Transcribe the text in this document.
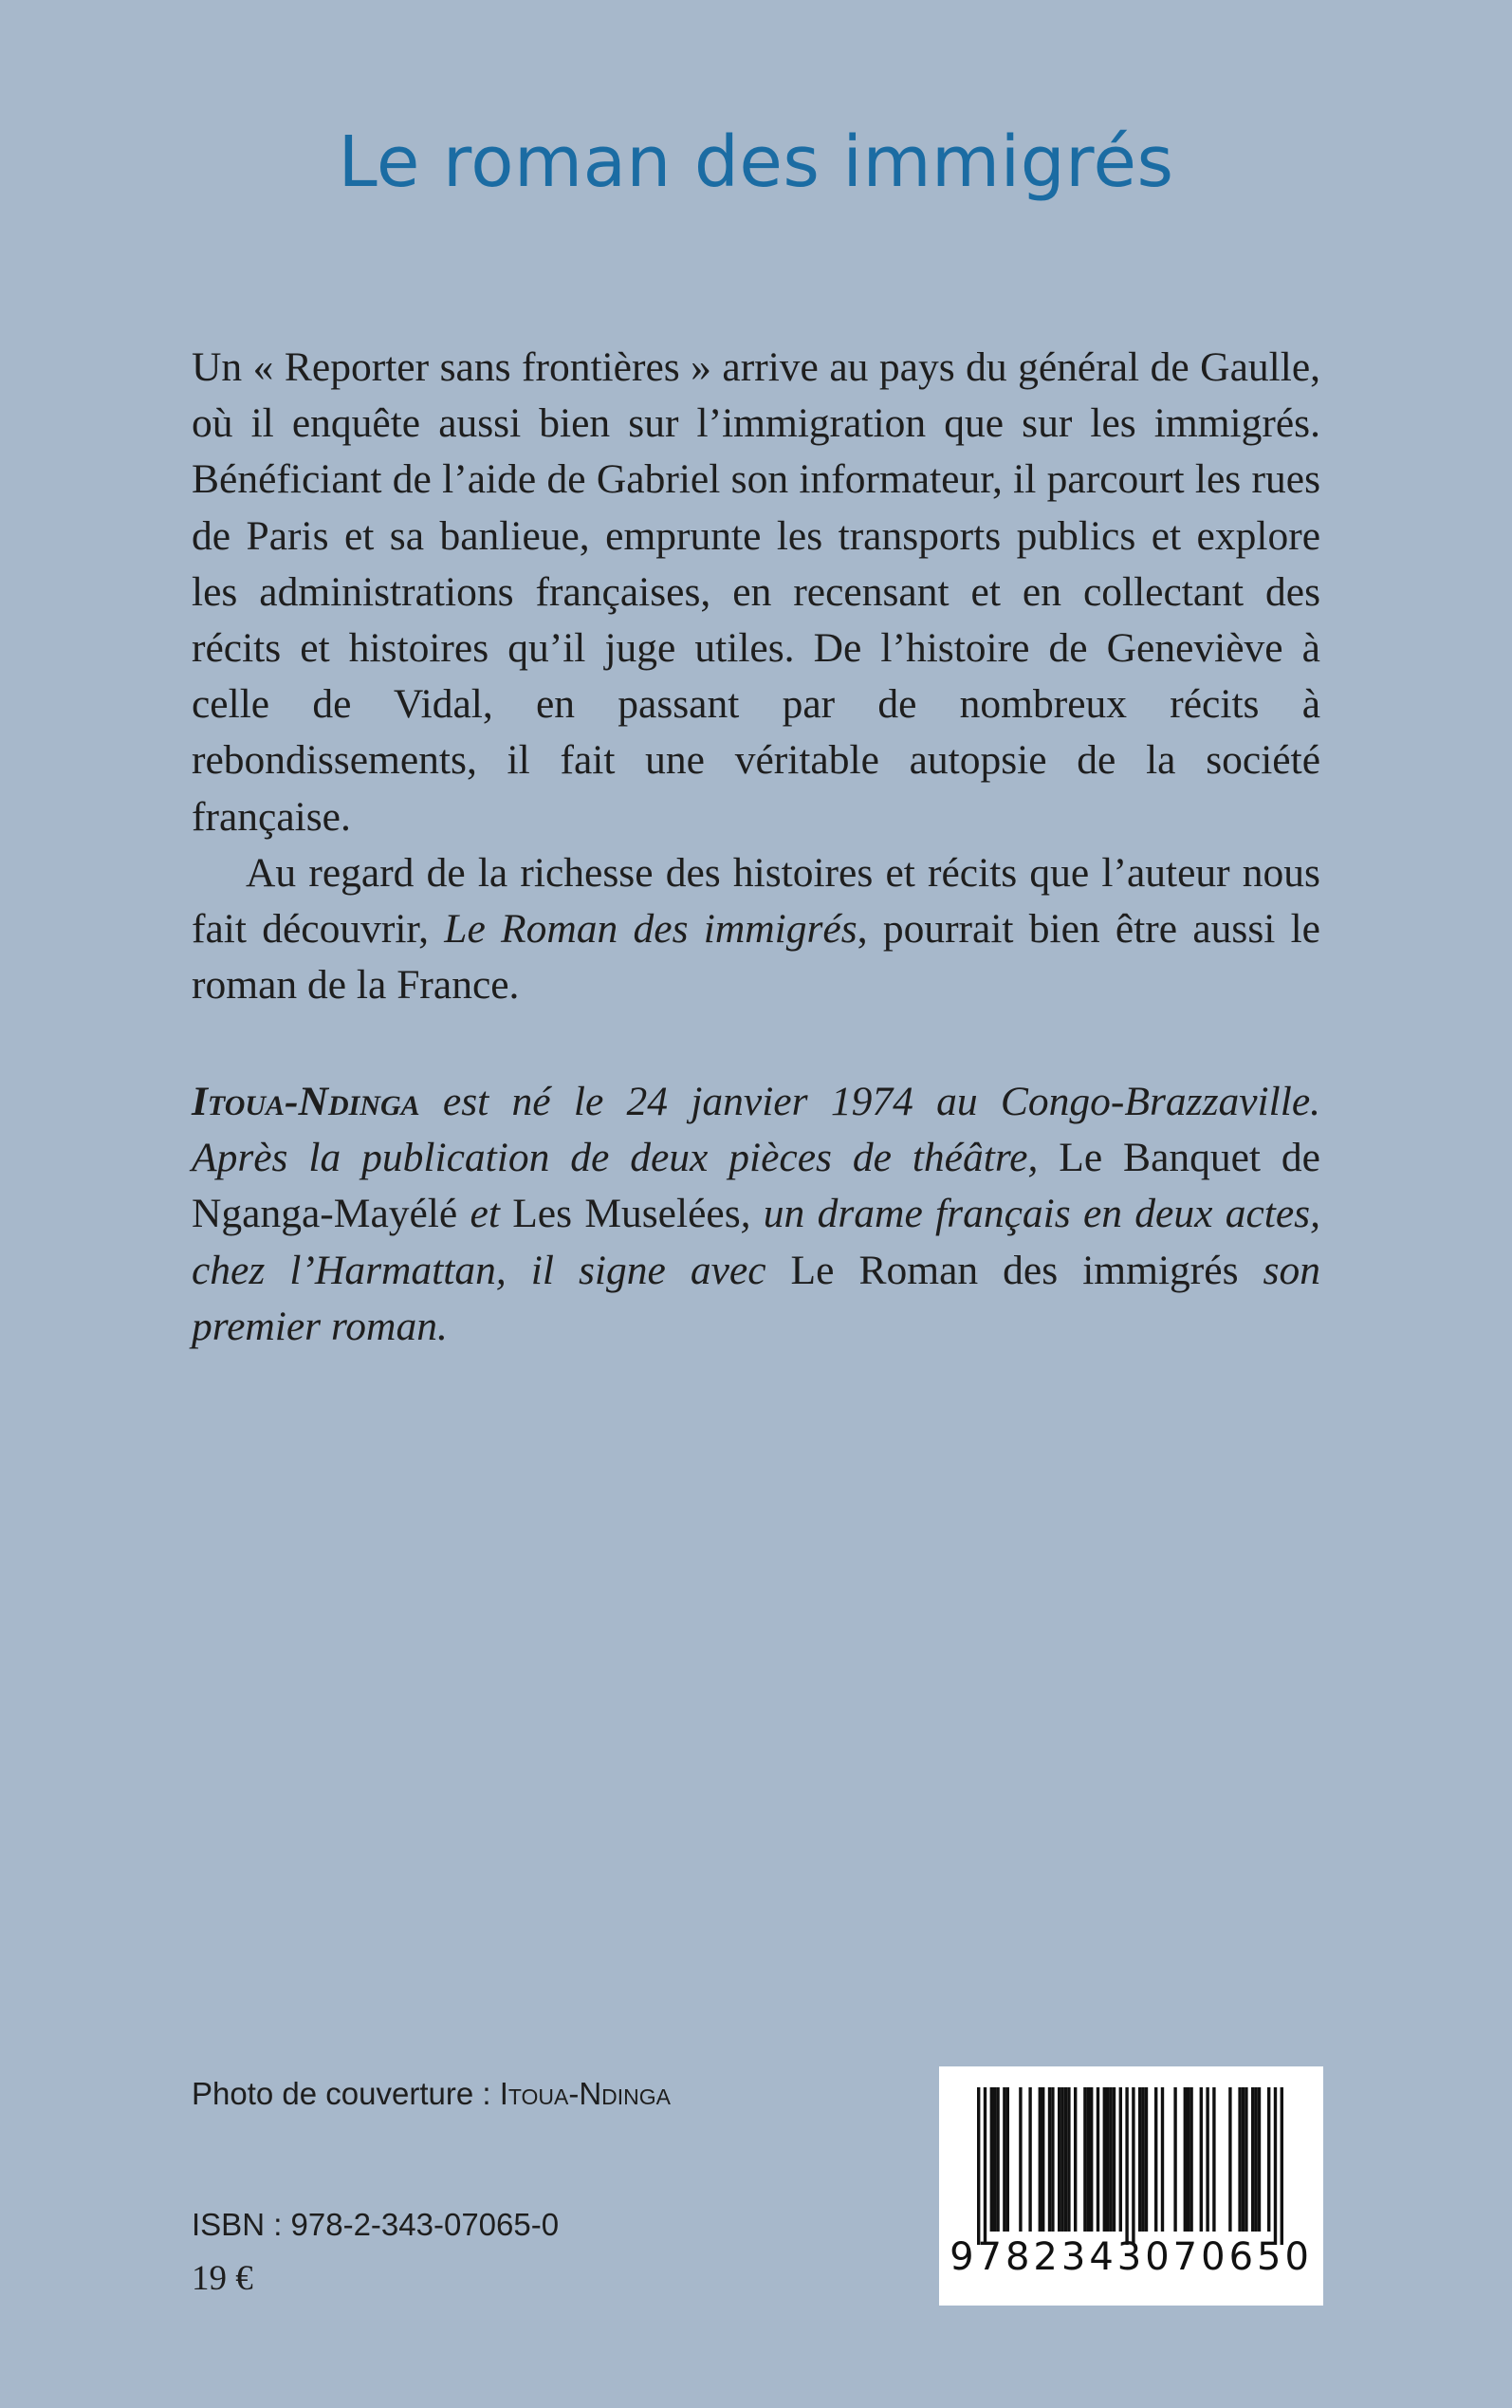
Le roman des immigrés

Un « Reporter sans frontières » arrive au pays du général de Gaulle, où il enquête aussi bien sur l’immigration que sur les immigrés. Bénéficiant de l’aide de Gabriel son informateur, il parcourt les rues de Paris et sa banlieue, emprunte les transports publics et explore les administrations françaises, en recensant et en collectant des récits et histoires qu’il juge utiles. De l’histoire de Geneviève à celle de Vidal, en passant par de nombreux récits à rebondissements, il fait une véritable autopsie de la société française.

Au regard de la richesse des histoires et récits que l’auteur nous fait découvrir, Le Roman des immigrés, pourrait bien être aussi le roman de la France.

Itoua-Ndinga est né le 24 janvier 1974 au Congo-Brazzaville. Après la publication de deux pièces de théâtre, Le Banquet de Nganga-Mayélé et Les Muselées, un drame français en deux actes, chez l’Harmattan, il signe avec Le Roman des immigrés son premier roman.

Photo de couverture : Itoua-Ndinga
ISBN : 978-2-343-07065-0
19 €	9782343070650
